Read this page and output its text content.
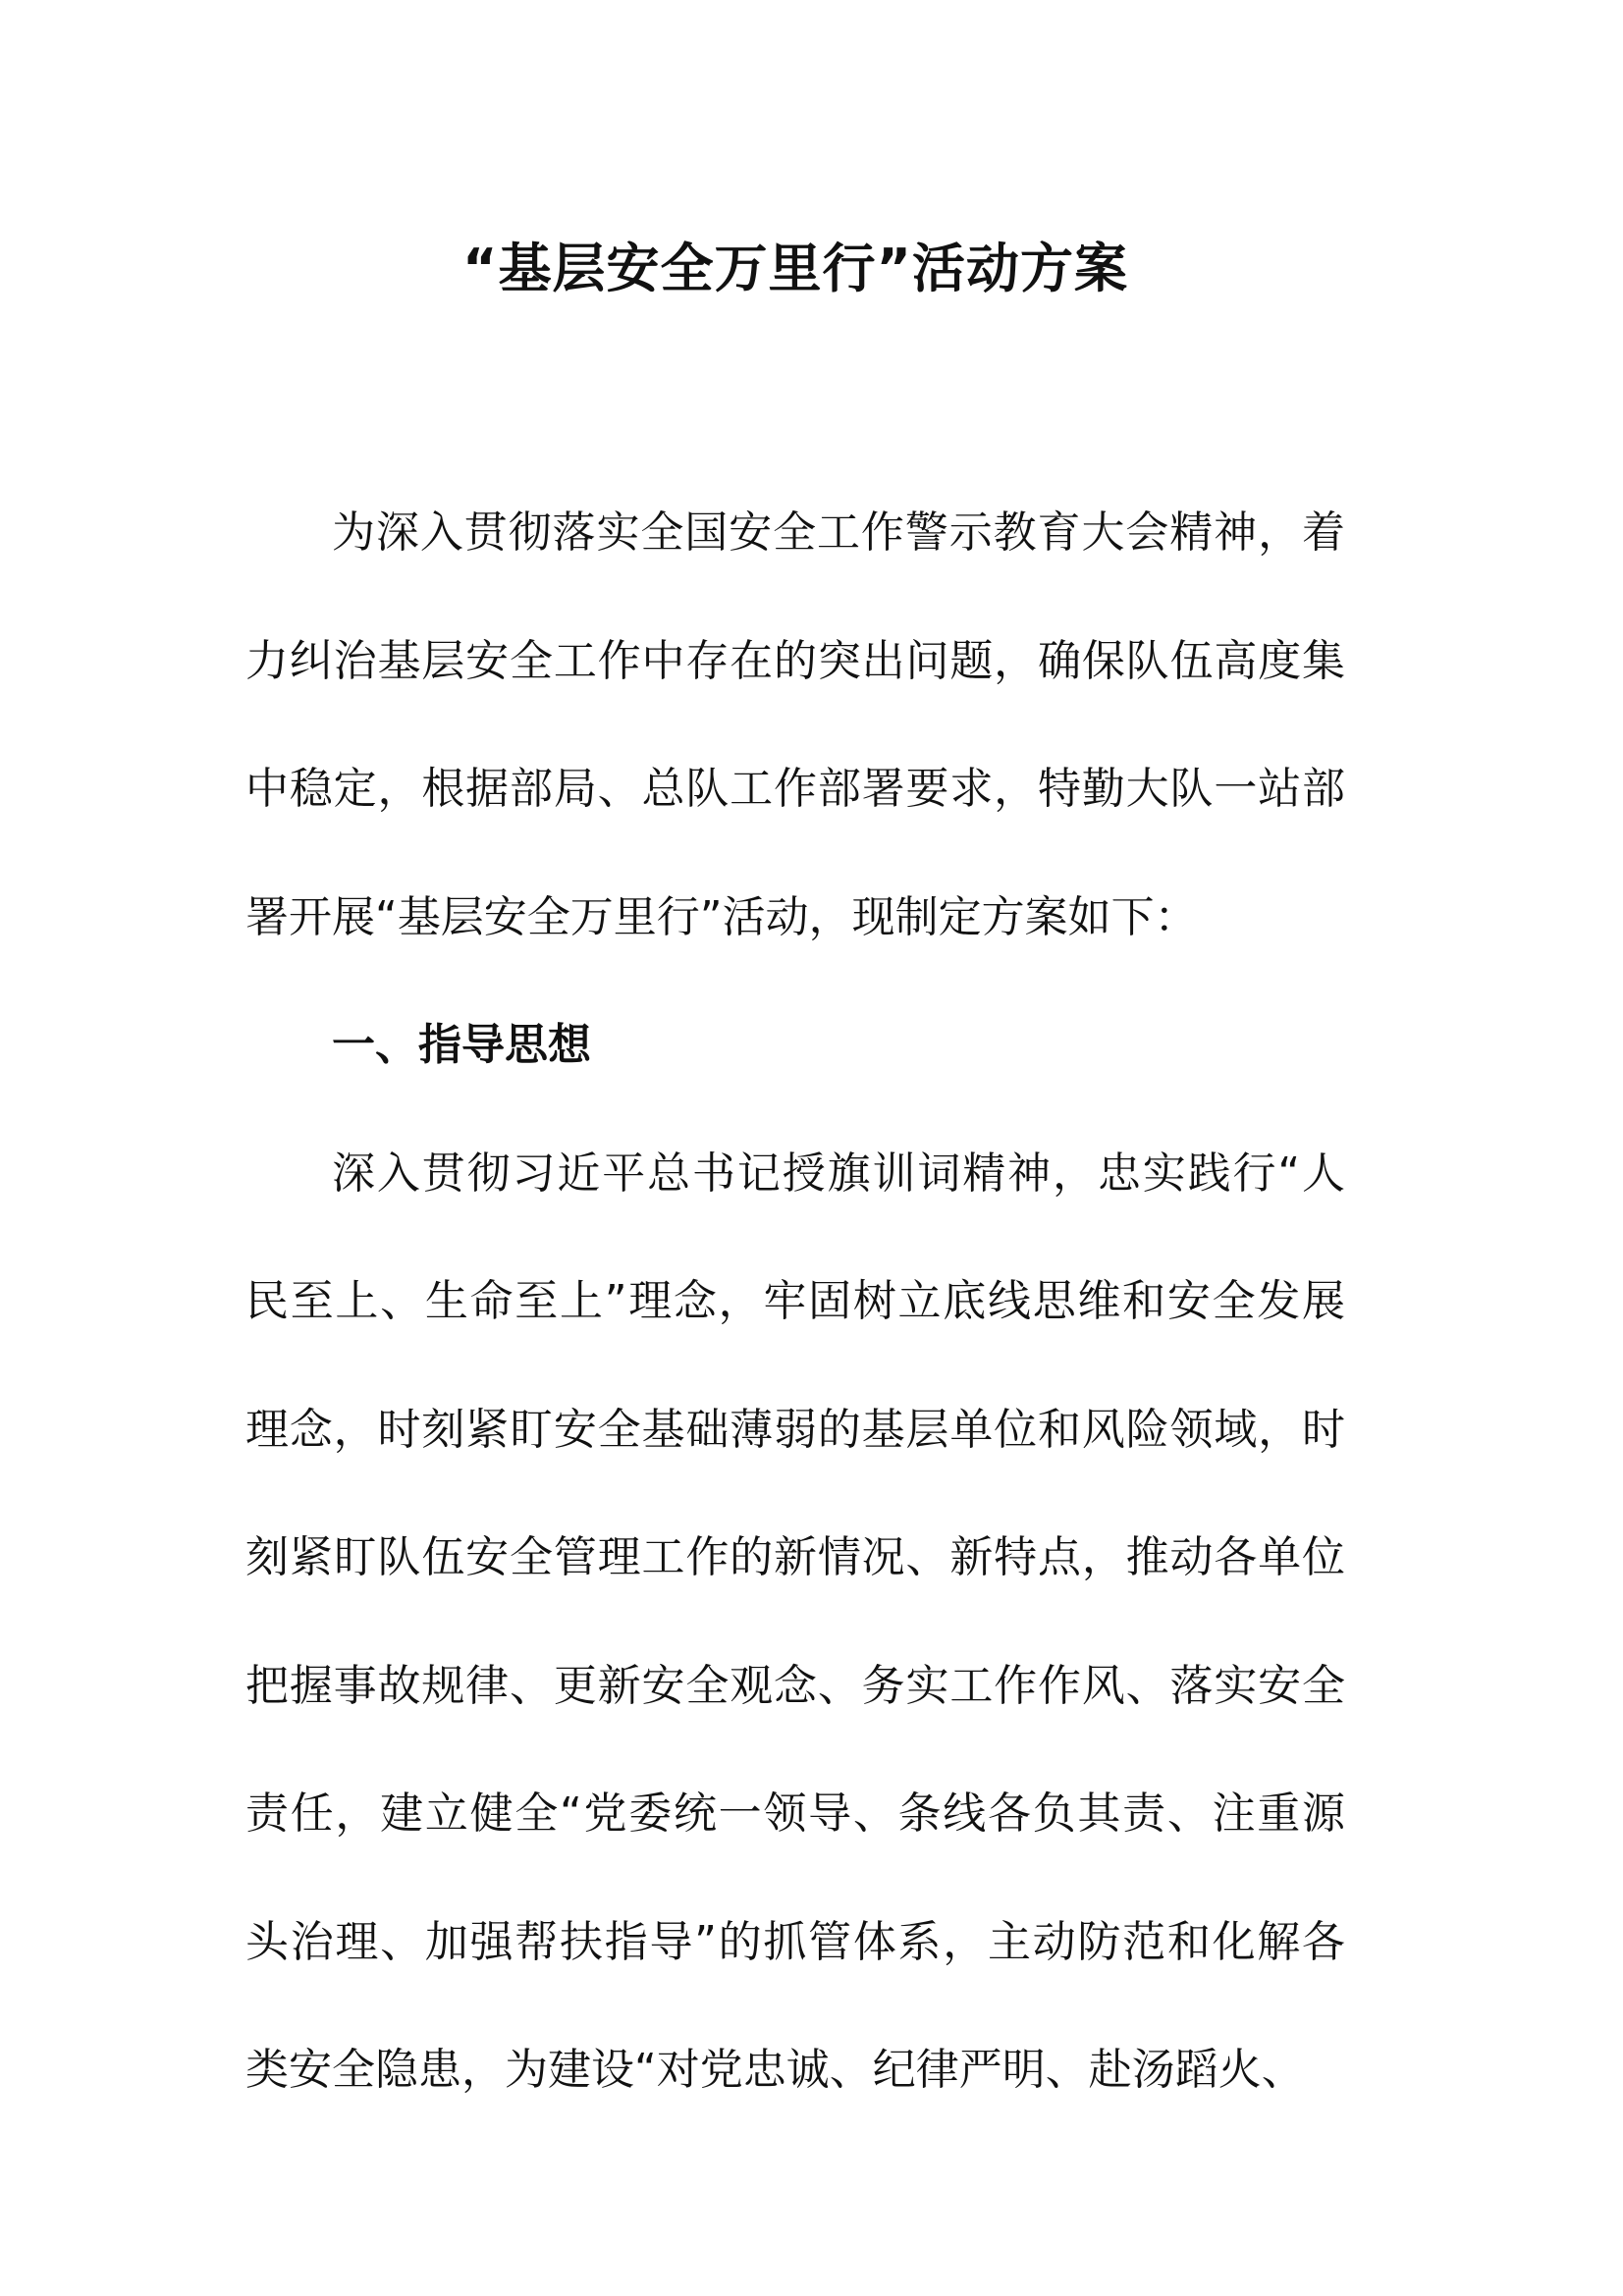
“基层安全万里行”活动方案

为深入贯彻落实全国安全工作警示教育大会精神，着力纠治基层安全工作中存在的突出问题，确保队伍高度集中稳定，根据部局、总队工作部署要求，特勤大队一站部署开展“基层安全万里行”活动，现制定方案如下：

一、指导思想

深入贯彻习近平总书记授旗训词精神，忠实践行“人民至上、生命至上”理念，牢固树立底线思维和安全发展理念，时刻紧盯安全基础薄弱的基层单位和风险领域，时刻紧盯队伍安全管理工作的新情况、新特点，推动各单位把握事故规律、更新安全观念、务实工作作风、落实安全责任，建立健全“党委统一领导、条线各负其责、注重源头治理、加强帮扶指导”的抓管体系，主动防范和化解各类安全隐患，为建设“对党忠诚、纪律严明、赴汤蹈火、
